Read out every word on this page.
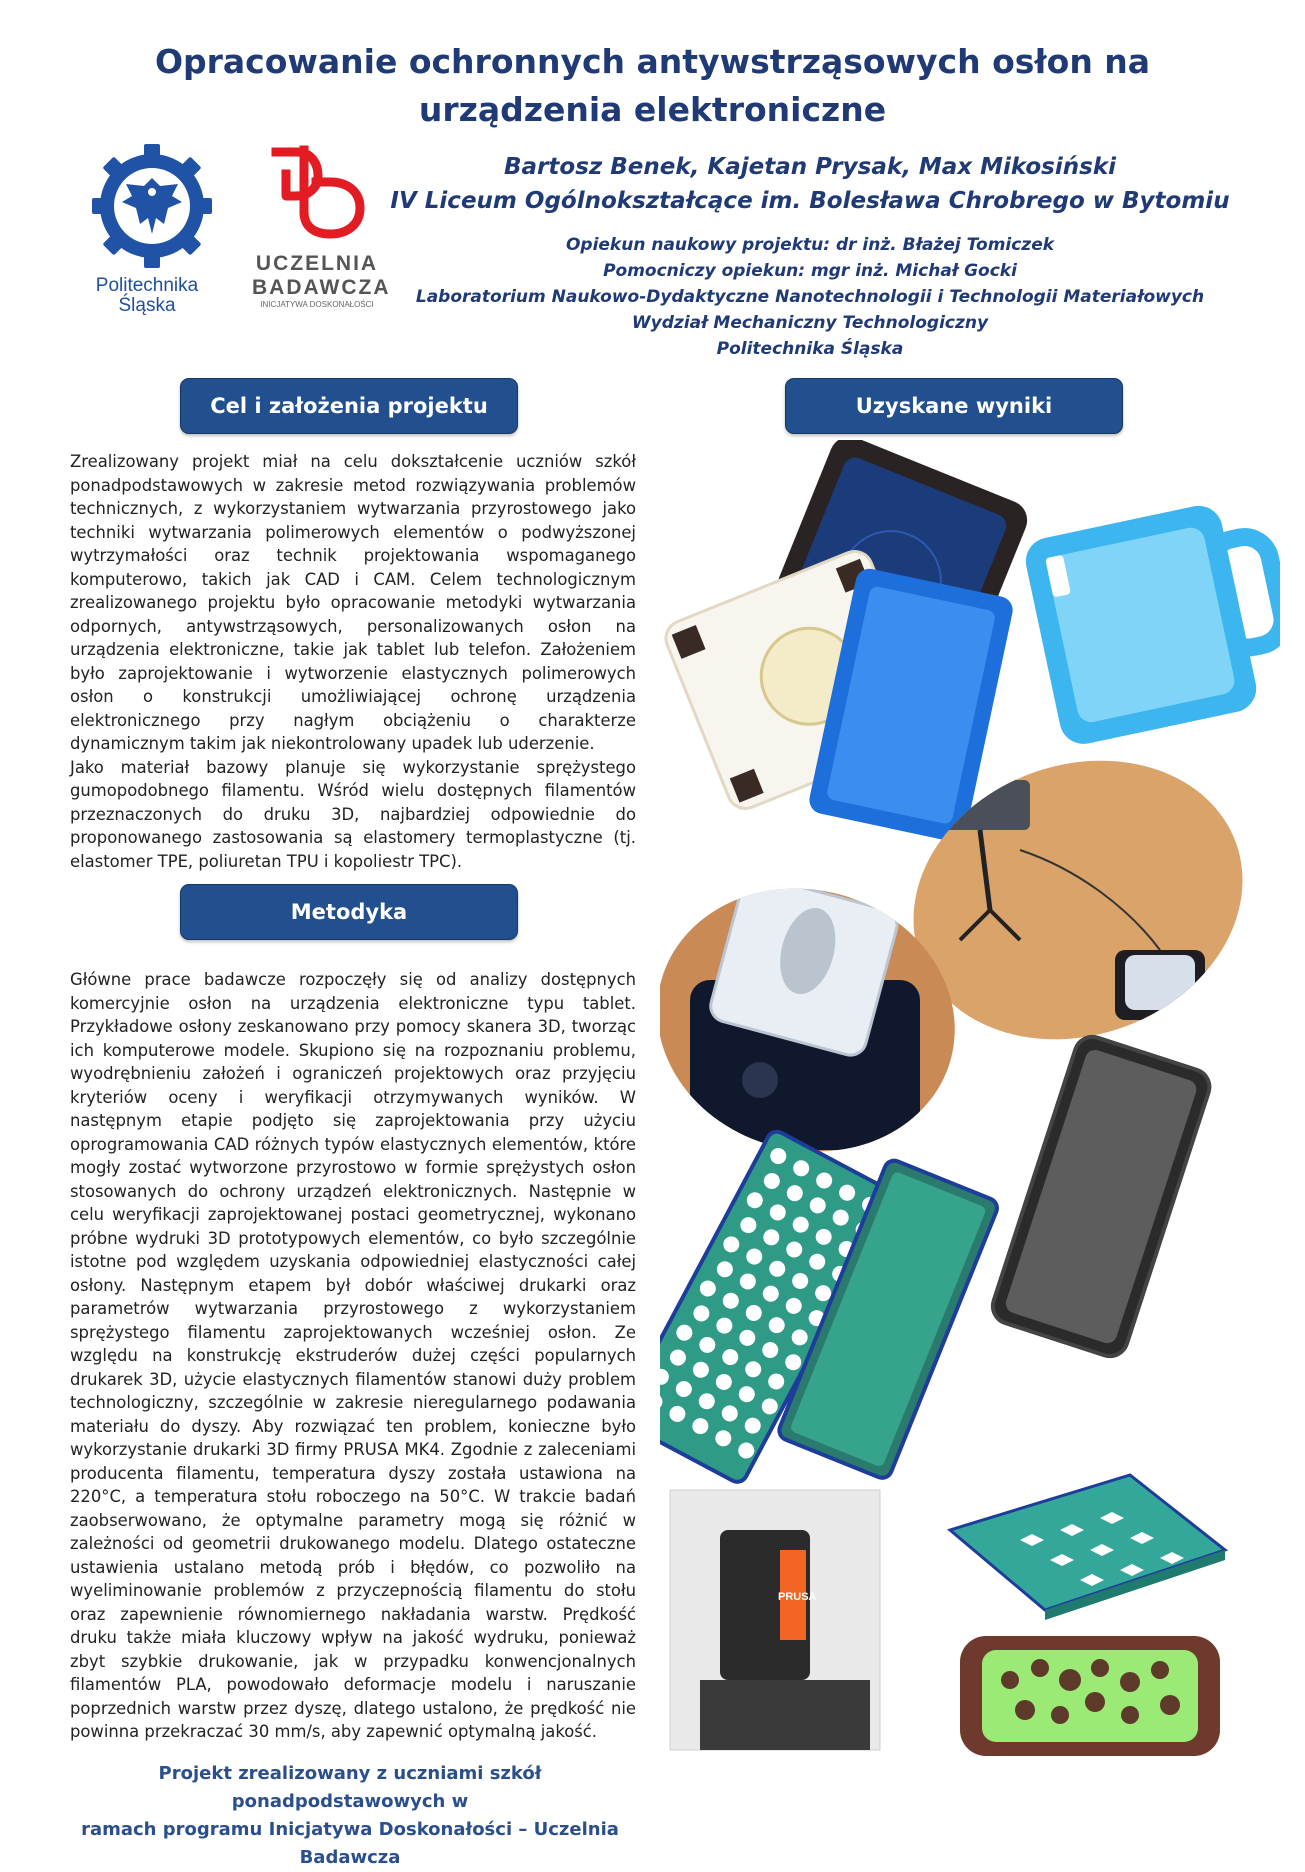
Opracowanie ochronnych antywstrząsowych osłon na
urządzenia elektroniczne
Politechnika
Śląska
UCZELNIA
BADAWCZA
INICJATYWA DOSKONAŁOŚCI
Bartosz Benek, Kajetan Prysak, Max Mikosiński
IV Liceum Ogólnokształcące im. Bolesława Chrobrego w Bytomiu
Opiekun naukowy projektu: dr inż. Błażej Tomiczek
Pomocniczy opiekun: mgr inż. Michał Gocki
Laboratorium Naukowo-Dydaktyczne Nanotechnologii i Technologii Materiałowych
Wydział Mechaniczny Technologiczny
Politechnika Śląska
Cel i założenia projektu	Uzyskane wyniki
Metodyka

Zrealizowany projekt miał na celu dokształcenie uczniów szkół ponadpodstawowych w zakresie metod rozwiązywania problemów technicznych, z wykorzystaniem wytwarzania przyrostowego jako techniki wytwarzania polimerowych elementów o podwyższonej wytrzymałości oraz technik projektowania wspomaganego komputerowo, takich jak CAD i CAM. Celem technologicznym zrealizowanego projektu było opracowanie metodyki wytwarzania odpornych, antywstrząsowych, personalizowanych osłon na urządzenia elektroniczne, takie jak tablet lub telefon. Założeniem było zaprojektowanie i wytworzenie elastycznych polimerowych osłon o konstrukcji umożliwiającej ochronę urządzenia elektronicznego przy nagłym obciążeniu o charakterze dynamicznym takim jak niekontrolowany upadek lub uderzenie.

Jako materiał bazowy planuje się wykorzystanie sprężystego gumopodobnego filamentu. Wśród wielu dostępnych filamentów przeznaczonych do druku 3D, najbardziej odpowiednie do proponowanego zastosowania są elastomery termoplastyczne (tj. elastomer TPE, poliuretan TPU i kopoliestr TPC).

Główne prace badawcze rozpoczęły się od analizy dostępnych komercyjnie osłon na urządzenia elektroniczne typu tablet. Przykładowe osłony zeskanowano przy pomocy skanera 3D, tworząc ich komputerowe modele. Skupiono się na rozpoznaniu problemu, wyodrębnieniu założeń i ograniczeń projektowych oraz przyjęciu kryteriów oceny i weryfikacji otrzymywanych wyników. W następnym etapie podjęto się zaprojektowania przy użyciu oprogramowania CAD różnych typów elastycznych elementów, które mogły zostać wytworzone przyrostowo w formie sprężystych osłon stosowanych do ochrony urządzeń elektronicznych. Następnie w celu weryfikacji zaprojektowanej postaci geometrycznej, wykonano próbne wydruki 3D prototypowych elementów, co było szczególnie istotne pod względem uzyskania odpowiedniej elastyczności całej osłony. Następnym etapem był dobór właściwej drukarki oraz parametrów wytwarzania przyrostowego z wykorzystaniem sprężystego filamentu zaprojektowanych wcześniej osłon. Ze względu na konstrukcję ekstruderów dużej części popularnych drukarek 3D, użycie elastycznych filamentów stanowi duży problem technologiczny, szczególnie w zakresie nieregularnego podawania materiału do dyszy. Aby rozwiązać ten problem, konieczne było wykorzystanie drukarki 3D firmy PRUSA MK4. Zgodnie z zaleceniami producenta filamentu, temperatura dyszy została ustawiona na 220°C, a temperatura stołu roboczego na 50°C. W trakcie badań zaobserwowano, że optymalne parametry mogą się różnić w zależności od geometrii drukowanego modelu. Dlatego ostateczne ustawienia ustalano metodą prób i błędów, co pozwoliło na wyeliminowanie problemów z przyczepnością filamentu do stołu oraz zapewnienie równomiernego nakładania warstw. Prędkość druku także miała kluczowy wpływ na jakość wydruku, ponieważ zbyt szybkie drukowanie, jak w przypadku konwencjonalnych filamentów PLA, powodowało deformacje modelu i naruszanie poprzednich warstw przez dyszę, dlatego ustalono, że prędkość nie powinna przekraczać 30 mm/s, aby zapewnić optymalną jakość.

Projekt zrealizowany z uczniami szkół ponadpodstawowych w
ramach programu Inicjatywa Doskonałości – Uczelnia Badawcza
PRUSA
MK4
